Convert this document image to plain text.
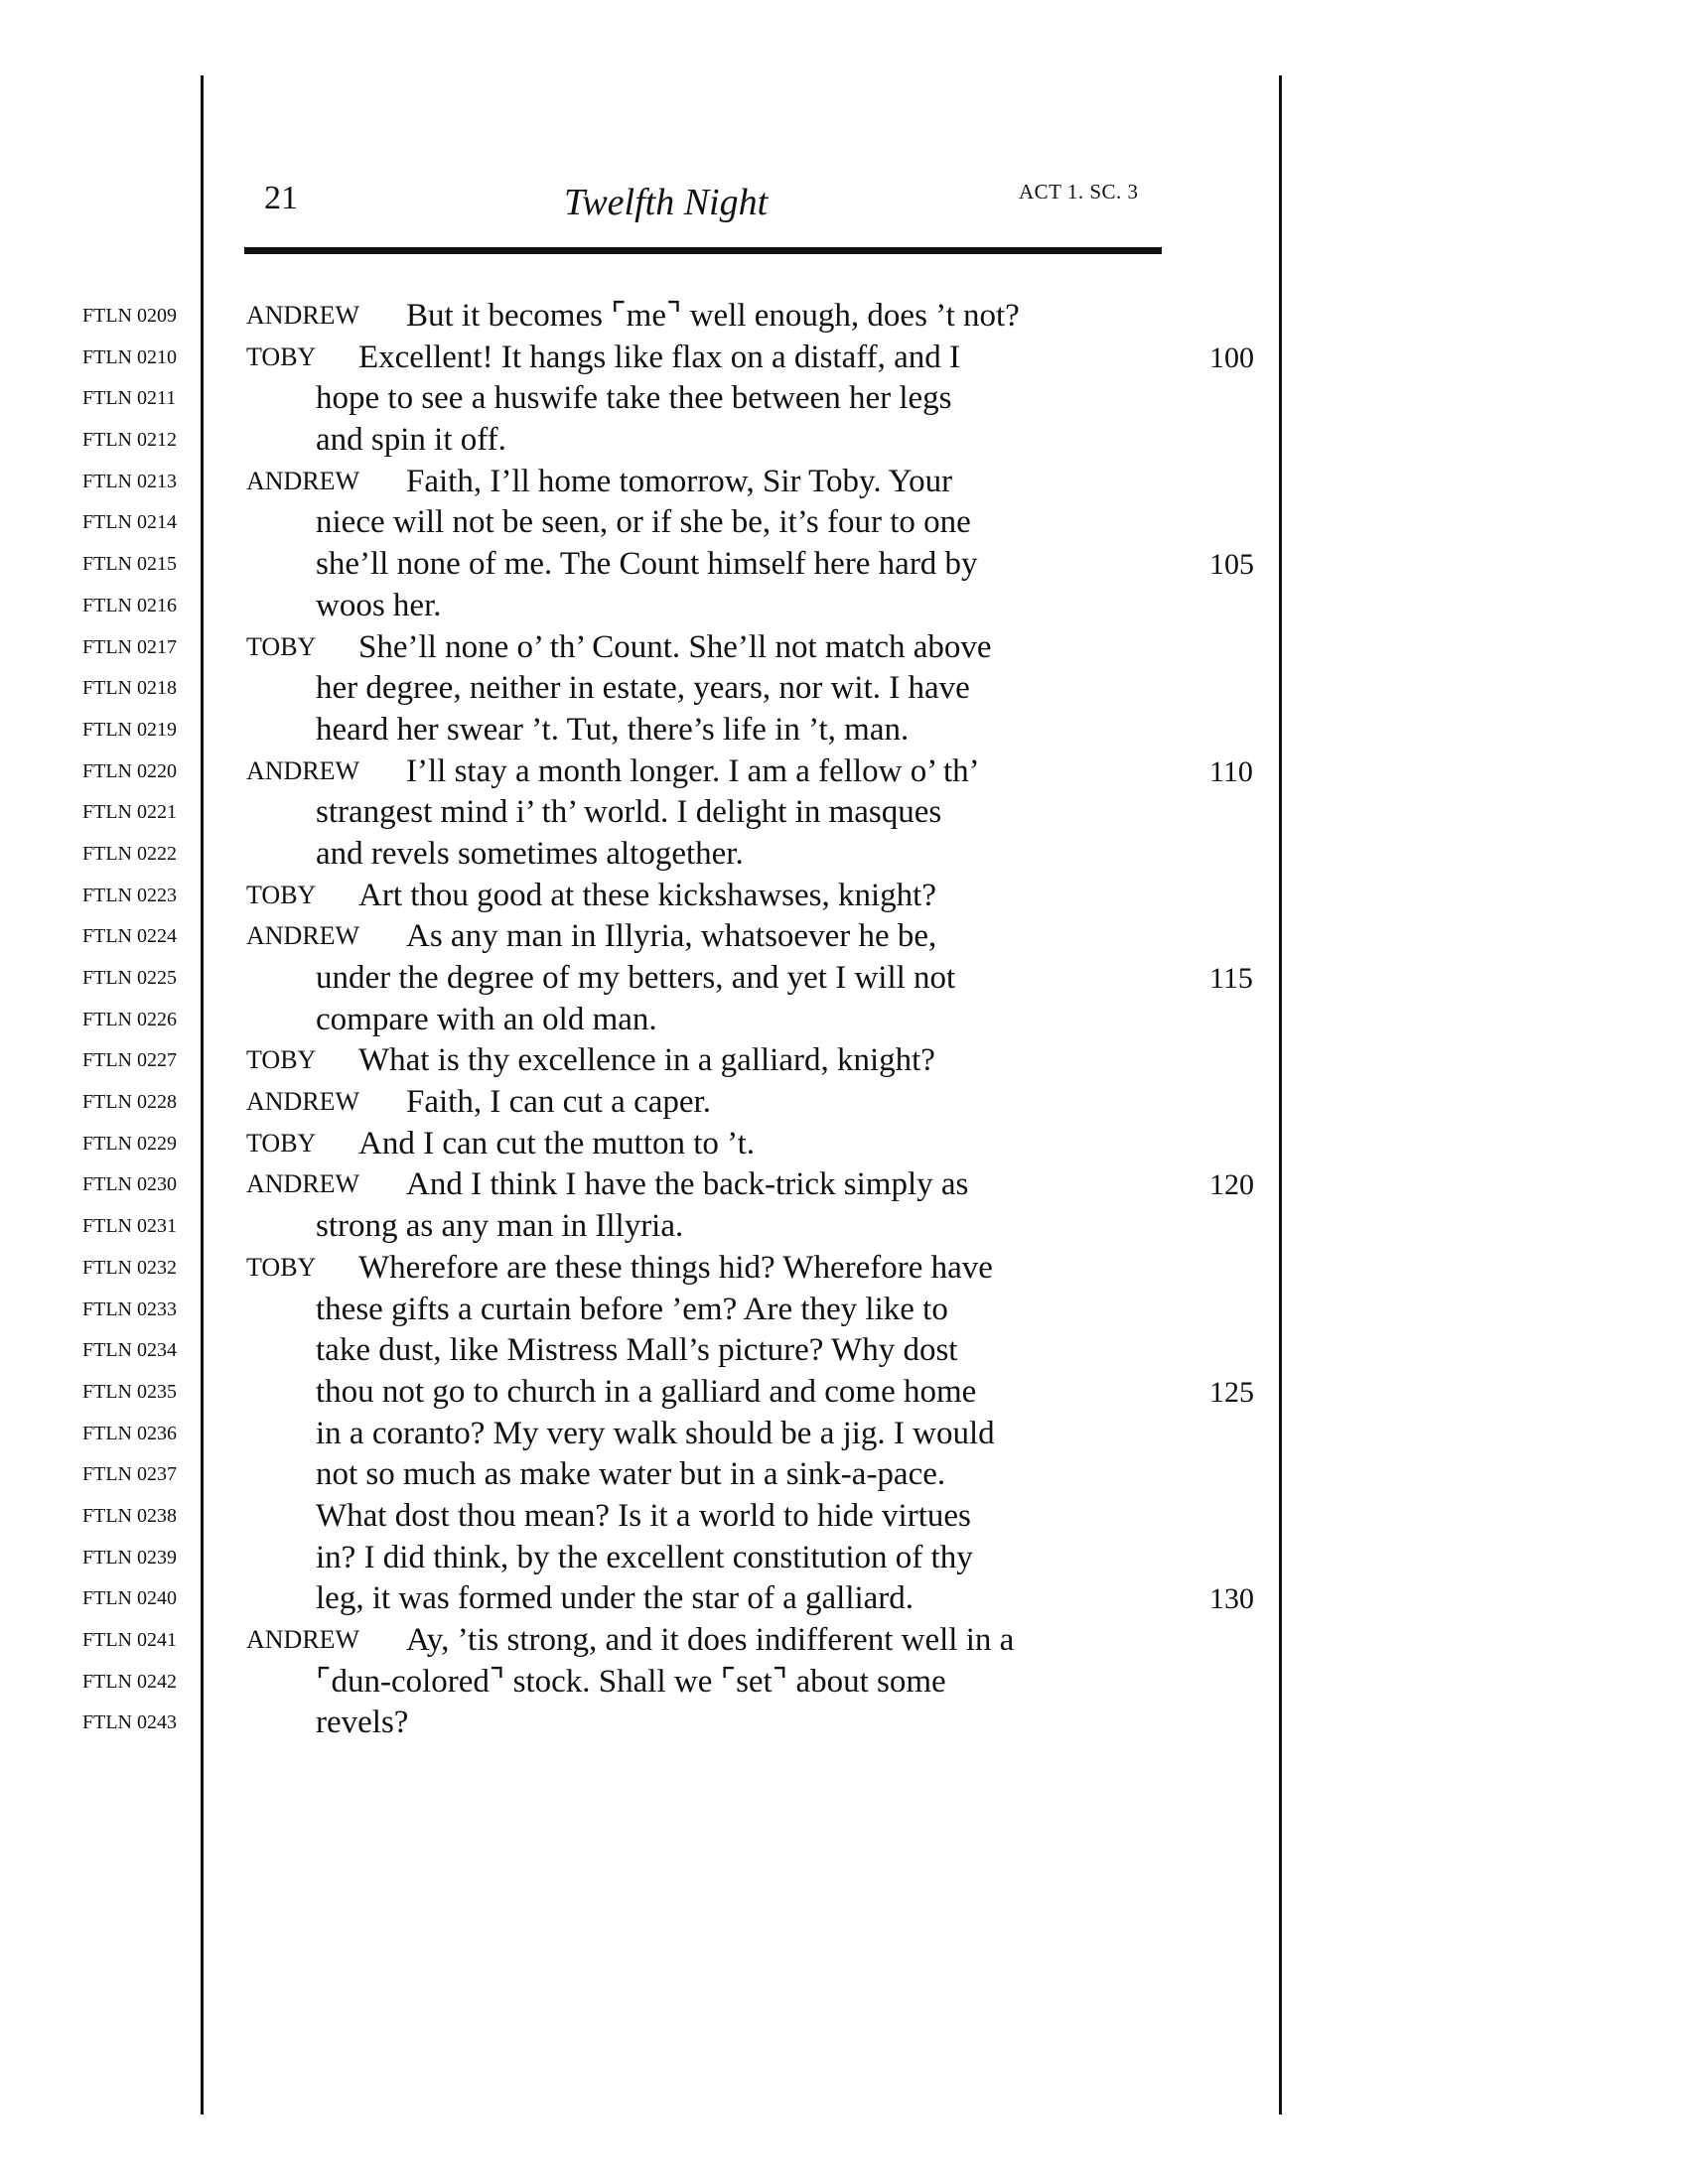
21	Twelfth Night	ACT 1. SC. 3
FTLN 0209	ANDREW But it becomes ⌜me⌝ well enough, does ’t not?
FTLN 0210	TOBY Excellent! It hangs like flax on a distaff, and I	100
FTLN 0211	hope to see a huswife take thee between her legs
FTLN 0212	and spin it off.
FTLN 0213	ANDREW Faith, I’ll home tomorrow, Sir Toby. Your
FTLN 0214	niece will not be seen, or if she be, it’s four to one
FTLN 0215	she’ll none of me. The Count himself here hard by	105
FTLN 0216	woos her.
FTLN 0217	TOBY She’ll none o’ th’ Count. She’ll not match above
FTLN 0218	her degree, neither in estate, years, nor wit. I have
FTLN 0219	heard her swear ’t. Tut, there’s life in ’t, man.
FTLN 0220	ANDREW I’ll stay a month longer. I am a fellow o’ th’	110
FTLN 0221	strangest mind i’ th’ world. I delight in masques
FTLN 0222	and revels sometimes altogether.
FTLN 0223	TOBY Art thou good at these kickshawses, knight?
FTLN 0224	ANDREW As any man in Illyria, whatsoever he be,
FTLN 0225	under the degree of my betters, and yet I will not	115
FTLN 0226	compare with an old man.
FTLN 0227	TOBY What is thy excellence in a galliard, knight?
FTLN 0228	ANDREW Faith, I can cut a caper.
FTLN 0229	TOBY And I can cut the mutton to ’t.
FTLN 0230	ANDREW And I think I have the back-trick simply as	120
FTLN 0231	strong as any man in Illyria.
FTLN 0232	TOBY Wherefore are these things hid? Wherefore have
FTLN 0233	these gifts a curtain before ’em? Are they like to
FTLN 0234	take dust, like Mistress Mall’s picture? Why dost
FTLN 0235	thou not go to church in a galliard and come home	125
FTLN 0236	in a coranto? My very walk should be a jig. I would
FTLN 0237	not so much as make water but in a sink-a-pace.
FTLN 0238	What dost thou mean? Is it a world to hide virtues
FTLN 0239	in? I did think, by the excellent constitution of thy
FTLN 0240	leg, it was formed under the star of a galliard.	130
FTLN 0241	ANDREW Ay, ’tis strong, and it does indifferent well in a
FTLN 0242	⌜dun-colored⌝ stock. Shall we ⌜set⌝ about some
FTLN 0243	revels?
